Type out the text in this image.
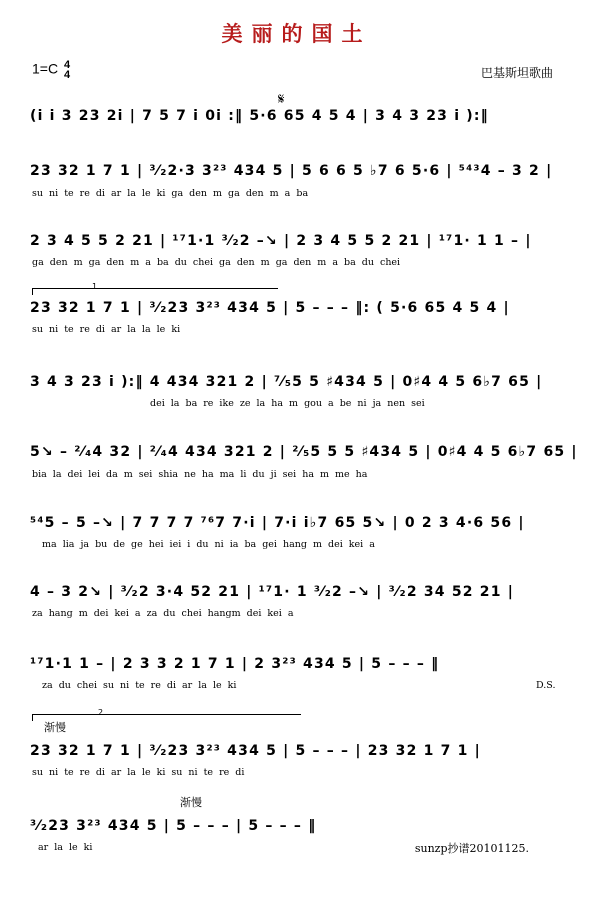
美丽的国土
1=C 4
4	巴基斯坦歌曲
𝄋
(i i 3 23 2i | 7 5 7 i 0i :‖ 5·6 65 4 5 4 | 3 4 3 23 i ):‖
23 32 1 7 1 | ³⁄₂2·3 3²³ 434 5 | 5 6 6 5 ♭7 6 5·6 | ⁵⁴³4 – 3 2 |
su ni te re di ar la le ki ga den m ga den m a ba
2 3 4 5 5 2 21 | ¹⁷1·1 ³⁄₂2 –↘ | 2 3 4 5 5 2 21 | ¹⁷1· 1 1 – |
ga den m ga den m a ba du chei ga den m ga den m a ba du chei
1
23 32 1 7 1 | ³⁄₂23 3²³ 434 5 | 5 – – – ‖: ( 5·6 65 4 5 4 |
su ni te re di ar la la le ki
3 4 3 23 i ):‖ 4 434 321 2 | ⁷⁄₅5 5 ♯434 5 | 0♯4 4 5 6♭7 65 |
dei la ba re ike ze la ha m gou a be ni ja nen sei
5↘ – ²⁄₄4 32 | ²⁄₄4 434 321 2 | ²⁄₅5 5 5 ♯434 5 | 0♯4 4 5 6♭7 65 |
bia la dei lei da m sei shia ne ha ma li du ji sei ha m me ha
⁵⁴5 – 5 –↘ | 7 7 7 7 ⁷⁶7 7·i | 7·i i♭7 65 5↘ | 0 2 3 4·6 56 |
ma lia ja bu de ge hei iei i du ni ia ba gei hang m dei kei a
4 – 3 2↘ | ³⁄₂2 3·4 52 21 | ¹⁷1· 1 ³⁄₂2 –↘ | ³⁄₂2 34 52 21 |
za hang m dei kei a za du chei hangm dei kei a
¹⁷1·1 1 – | 2 3 3 2 1 7 1 | 2 3²³ 434 5 | 5 – – – ‖
za du chei su ni te re di ar la le ki	D.S.
2
渐慢
23 32 1 7 1 | ³⁄₂23 3²³ 434 5 | 5 – – – | 23 32 1 7 1 |
su ni te re di ar la le ki su ni te re di
渐慢
³⁄₂23 3²³ 434 5 | 5 – – – | 5 – – – ‖
ar la le ki	sunzp抄谱20101125.
